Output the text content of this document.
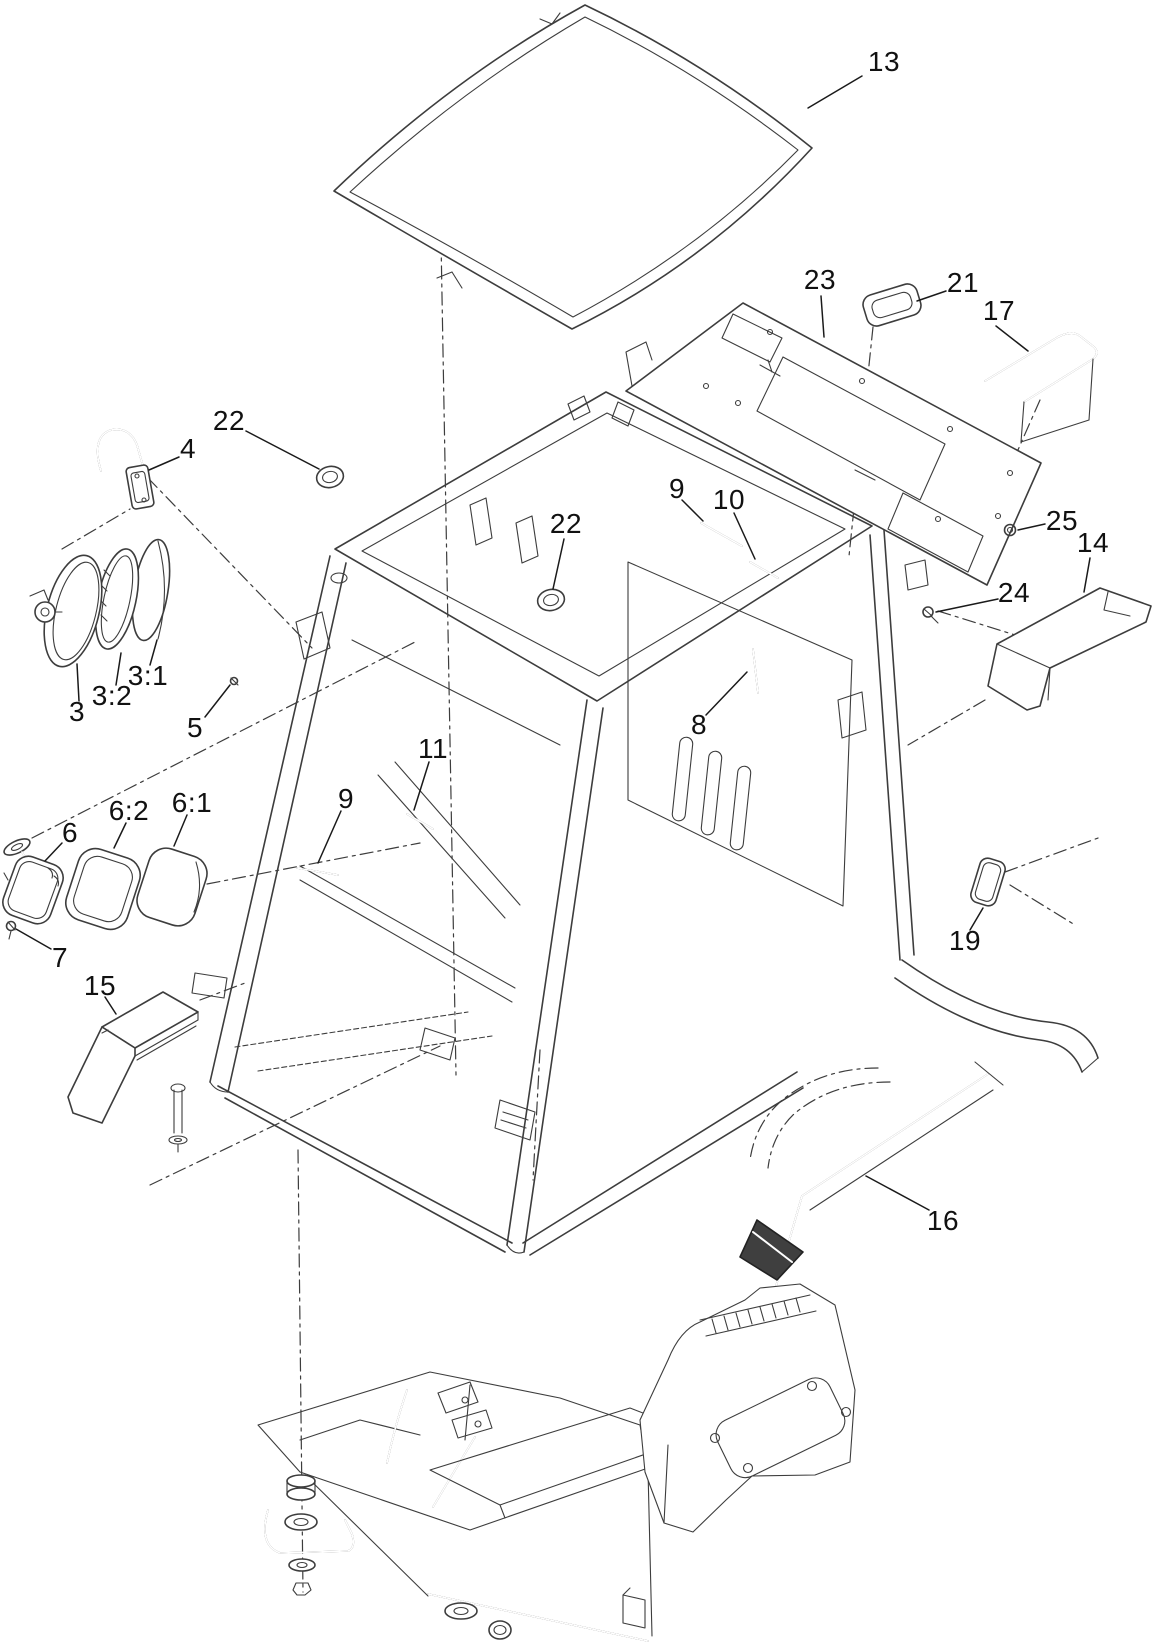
13
23	21
17
25
14
24
22
4
3:1
3:2
3
5
22
9 10
8
11
9
6:1
6:2
6
7
15
19
16
